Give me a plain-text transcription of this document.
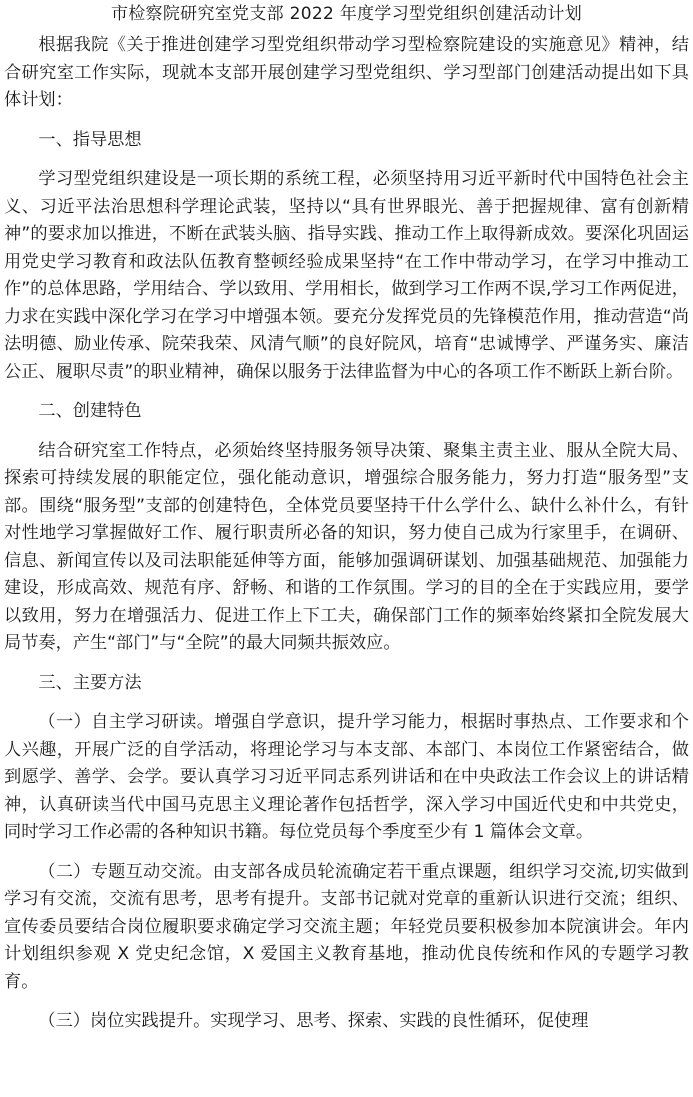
市检察院研究室党支部 2022 年度学习型党组织创建活动计划

根据我院《关于推进创建学习型党组织带动学习型检察院建设的实施意见》精神，结合研究室工作实际，现就本支部开展创建学习型党组织、学习型部门创建活动提出如下具体计划：

一、指导思想

学习型党组织建设是一项长期的系统工程，必须坚持用习近平新时代中国特色社会主义、习近平法治思想科学理论武装，坚持以“具有世界眼光、善于把握规律、富有创新精神”的要求加以推进，不断在武装头脑、指导实践、推动工作上取得新成效。要深化巩固运用党史学习教育和政法队伍教育整顿经验成果坚持“在工作中带动学习，在学习中推动工作”的总体思路，学用结合、学以致用、学用相长，做到学习工作两不误,学习工作两促进，力求在实践中深化学习在学习中增强本领。要充分发挥党员的先锋模范作用，推动营造“尚法明德、励业传承、院荣我荣、风清气顺”的良好院风，培育“忠诚博学、严谨务实、廉洁公正、履职尽责”的职业精神，确保以服务于法律监督为中心的各项工作不断跃上新台阶。

二、创建特色

结合研究室工作特点，必须始终坚持服务领导决策、聚集主责主业、服从全院大局、探索可持续发展的职能定位，强化能动意识，增强综合服务能力，努力打造“服务型”支部。围绕“服务型”支部的创建特色，全体党员要坚持干什么学什么、缺什么补什么，有针对性地学习掌握做好工作、履行职责所必备的知识，努力使自己成为行家里手，在调研、信息、新闻宣传以及司法职能延伸等方面，能够加强调研谋划、加强基础规范、加强能力建设，形成高效、规范有序、舒畅、和谐的工作氛围。学习的目的全在于实践应用，要学以致用，努力在增强活力、促进工作上下工夫，确保部门工作的频率始终紧扣全院发展大局节奏，产生“部门”与“全院”的最大同频共振效应。

三、主要方法

（一）自主学习研读。增强自学意识，提升学习能力，根据时事热点、工作要求和个人兴趣，开展广泛的自学活动，将理论学习与本支部、本部门、本岗位工作紧密结合，做到愿学、善学、会学。要认真学习习近平同志系列讲话和在中央政法工作会议上的讲话精神，认真研读当代中国马克思主义理论著作包括哲学，深入学习中国近代史和中共党史，同时学习工作必需的各种知识书籍。每位党员每个季度至少有 1 篇体会文章。

（二）专题互动交流。由支部各成员轮流确定若干重点课题，组织学习交流,切实做到学习有交流，交流有思考，思考有提升。支部书记就对党章的重新认识进行交流；组织、宣传委员要结合岗位履职要求确定学习交流主题；年轻党员要积极参加本院演讲会。年内计划组织参观 X 党史纪念馆，X 爱国主义教育基地，推动优良传统和作风的专题学习教育。

（三）岗位实践提升。实现学习、思考、探索、实践的良性循环，促使理
